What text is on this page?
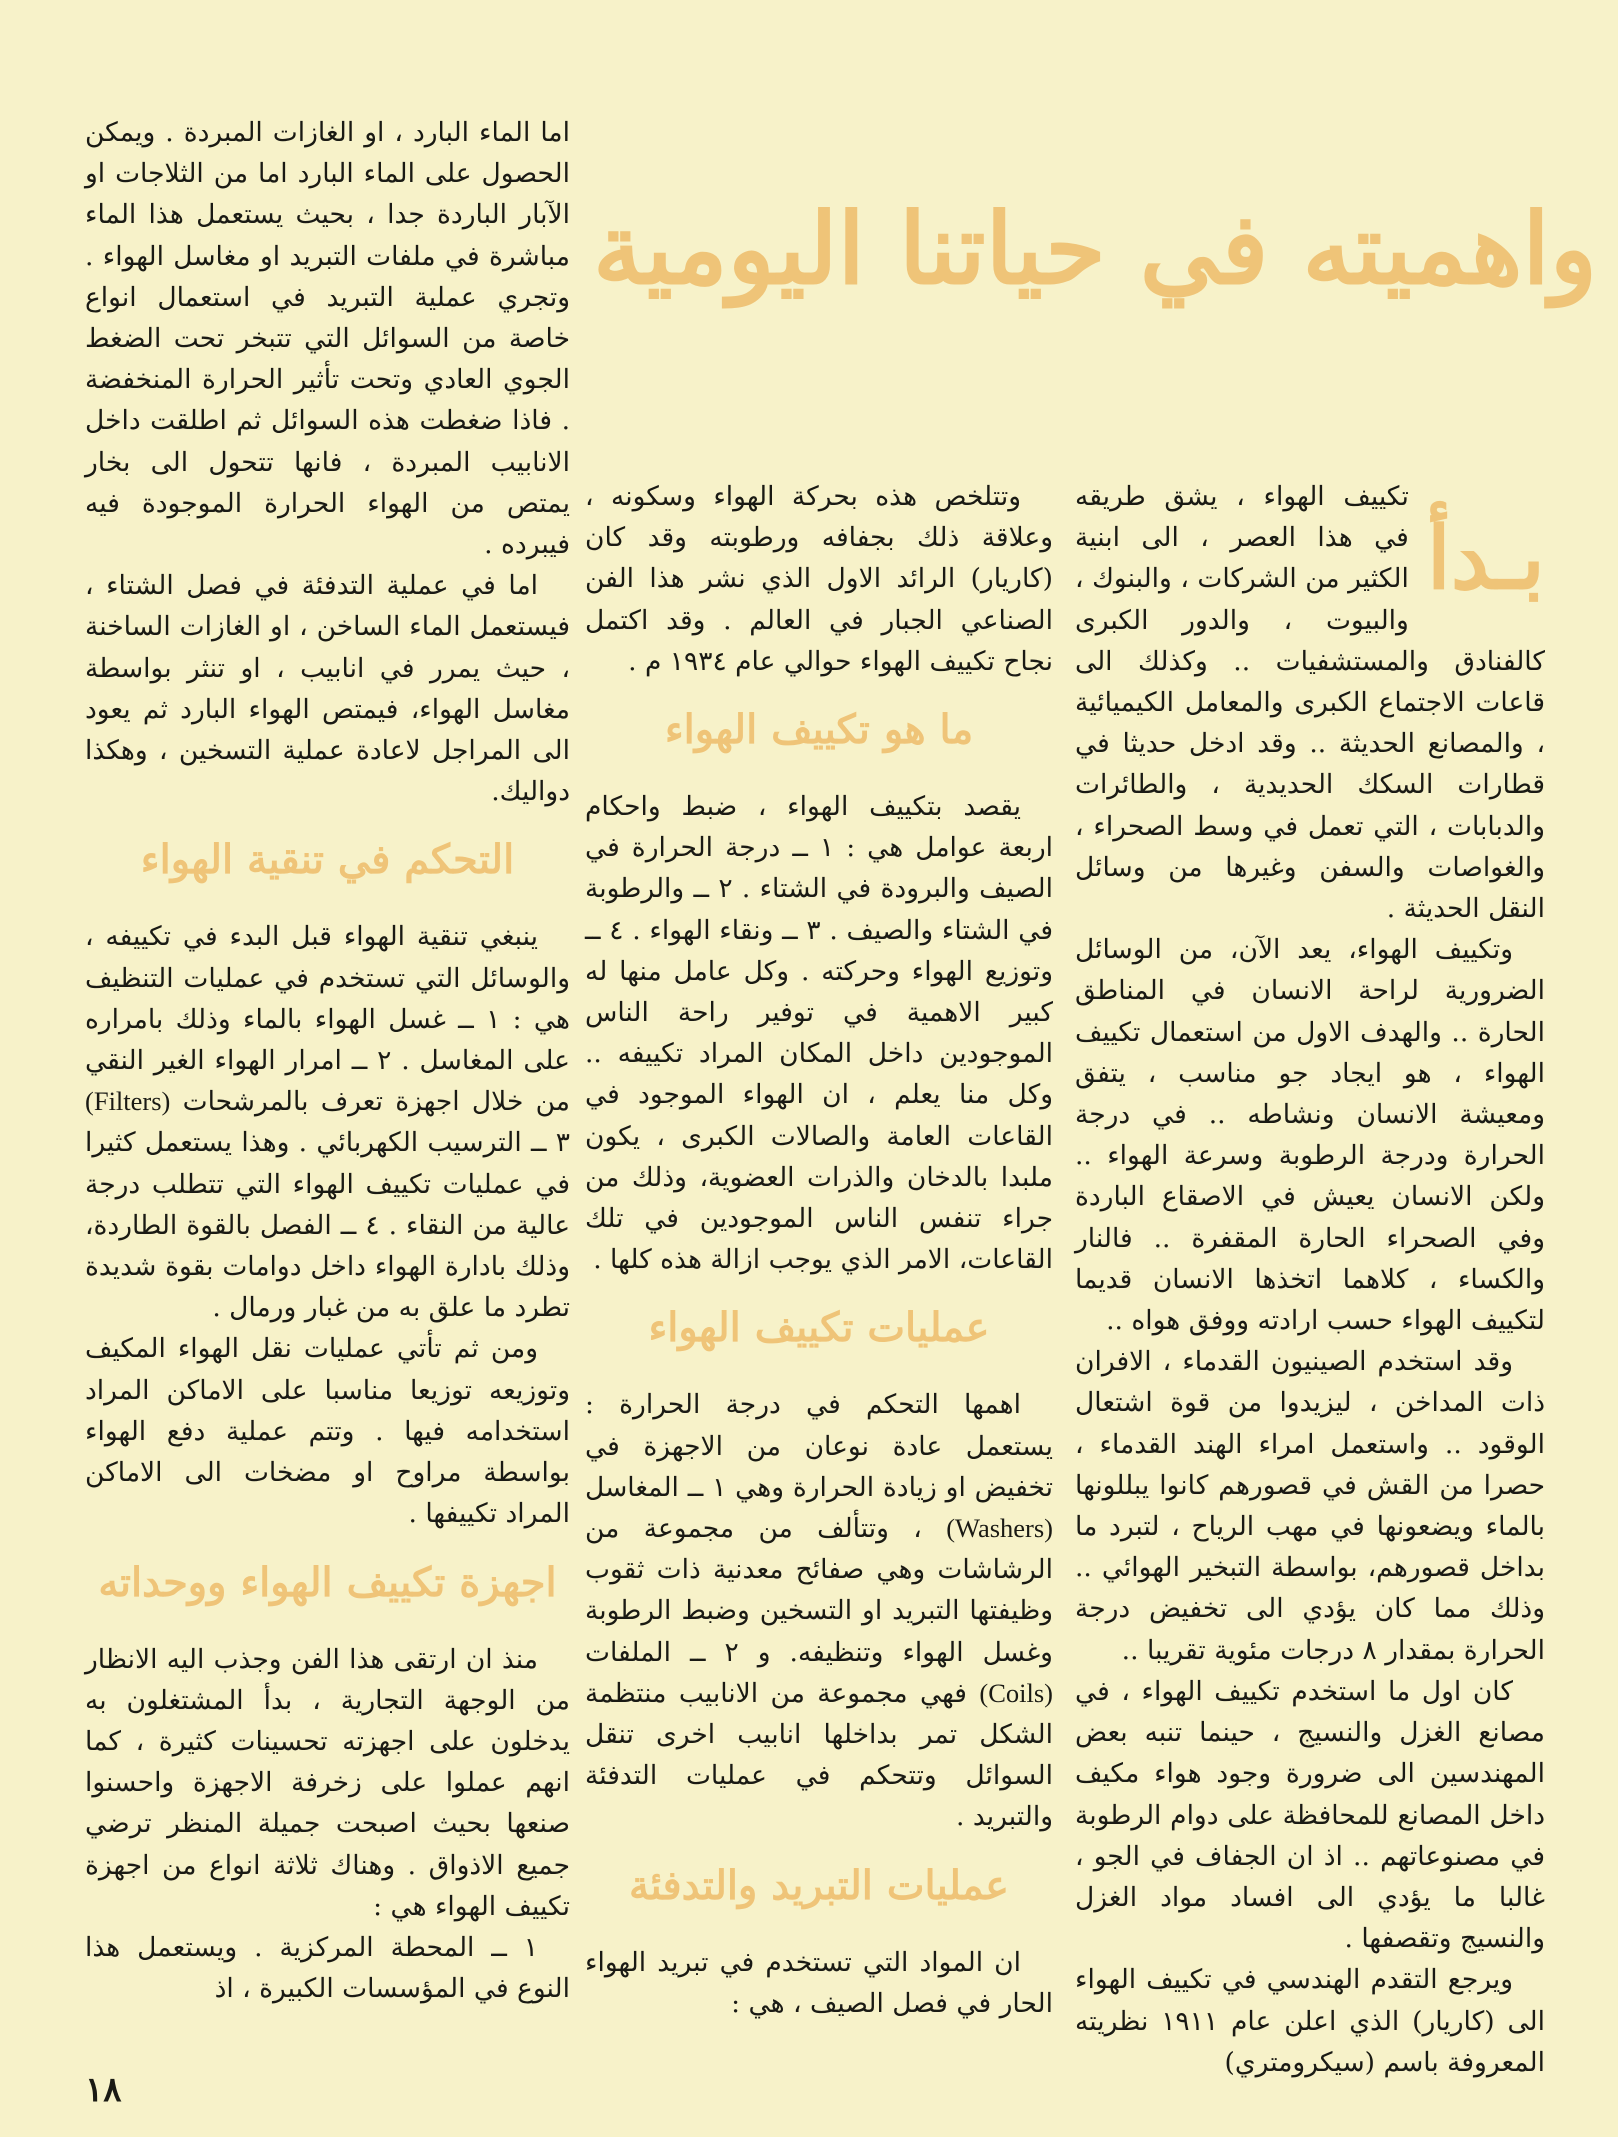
واهميته في حياتنا اليومية
بـدأ

تكييف الهواء ، يشق طريقه في هذا العصر ، الى ابنية الكثير من الشركات ، والبنوك ، والبيوت ، والدور الكبرى كالفنادق والمستشفيات .. وكذلك الى قاعات الاجتماع الكبرى والمعامل الكيميائية ، والمصانع الحديثة .. وقد ادخل حديثا في قطارات السكك الحديدية ، والطائرات والدبابات ، التي تعمل في وسط الصحراء ، والغواصات والسفن وغيرها من وسائل النقل الحديثة .

وتكييف الهواء، يعد الآن، من الوسائل الضرورية لراحة الانسان في المناطق الحارة .. والهدف الاول من استعمال تكييف الهواء ، هو ايجاد جو مناسب ، يتفق ومعيشة الانسان ونشاطه .. في درجة الحرارة ودرجة الرطوبة وسرعة الهواء .. ولكن الانسان يعيش في الاصقاع الباردة وفي الصحراء الحارة المقفرة .. فالنار والكساء ، كلاهما اتخذها الانسان قديما لتكييف الهواء حسب ارادته ووفق هواه ..

وقد استخدم الصينيون القدماء ، الافران ذات المداخن ، ليزيدوا من قوة اشتعال الوقود .. واستعمل امراء الهند القدماء ، حصرا من القش في قصورهم كانوا يبللونها بالماء ويضعونها في مهب الرياح ، لتبرد ما بداخل قصورهم، بواسطة التبخير الهوائي .. وذلك مما كان يؤدي الى تخفيض درجة الحرارة بمقدار ٨ درجات مئوية تقريبا ..

كان اول ما استخدم تكييف الهواء ، في مصانع الغزل والنسيج ، حينما تنبه بعض المهندسين الى ضرورة وجود هواء مكيف داخل المصانع للمحافظة على دوام الرطوبة في مصنوعاتهم .. اذ ان الجفاف في الجو ، غالبا ما يؤدي الى افساد مواد الغزل والنسيج وتقصفها .

ويرجع التقدم الهندسي في تكييف الهواء الى (كاريار) الذي اعلن عام ١٩١١ نظريته المعروفة باسم (سيكرومتري)

وتتلخص هذه بحركة الهواء وسكونه ، وعلاقة ذلك بجفافه ورطوبته وقد كان (كاريار) الرائد الاول الذي نشر هذا الفن الصناعي الجبار في العالم . وقد اكتمل نجاح تكييف الهواء حوالي عام ١٩٣٤ م .

ما هو تكييف الهواء

يقصد بتكييف الهواء ، ضبط واحكام اربعة عوامل هي : ١ ــ درجة الحرارة في الصيف والبرودة في الشتاء . ٢ ــ والرطوبة في الشتاء والصيف . ٣ ــ ونقاء الهواء . ٤ ــ وتوزيع الهواء وحركته . وكل عامل منها له كبير الاهمية في توفير راحة الناس الموجودين داخل المكان المراد تكييفه .. وكل منا يعلم ، ان الهواء الموجود في القاعات العامة والصالات الكبرى ، يكون ملبدا بالدخان والذرات العضوية، وذلك من جراء تنفس الناس الموجودين في تلك القاعات، الامر الذي يوجب ازالة هذه كلها .

عمليات تكييف الهواء

اهمها التحكم في درجة الحرارة : يستعمل عادة نوعان من الاجهزة في تخفيض او زيادة الحرارة وهي ١ ــ المغاسل (Washers) ، وتتألف من مجموعة من الرشاشات وهي صفائح معدنية ذات ثقوب وظيفتها التبريد او التسخين وضبط الرطوبة وغسل الهواء وتنظيفه. و ٢ ــ الملفات (Coils) فهي مجموعة من الانابيب منتظمة الشكل تمر بداخلها انابيب اخرى تنقل السوائل وتتحكم في عمليات التدفئة والتبريد .

عمليات التبريد والتدفئة

ان المواد التي تستخدم في تبريد الهواء الحار في فصل الصيف ، هي :

اما الماء البارد ، او الغازات المبردة . ويمكن الحصول على الماء البارد اما من الثلاجات او الآبار الباردة جدا ، بحيث يستعمل هذا الماء مباشرة في ملفات التبريد او مغاسل الهواء . وتجري عملية التبريد في استعمال انواع خاصة من السوائل التي تتبخر تحت الضغط الجوي العادي وتحت تأثير الحرارة المنخفضة . فاذا ضغطت هذه السوائل ثم اطلقت داخل الانابيب المبردة ، فانها تتحول الى بخار يمتص من الهواء الحرارة الموجودة فيه فيبرده .

اما في عملية التدفئة في فصل الشتاء ، فيستعمل الماء الساخن ، او الغازات الساخنة ، حيث يمرر في انابيب ، او تنثر بواسطة مغاسل الهواء، فيمتص الهواء البارد ثم يعود الى المراجل لاعادة عملية التسخين ، وهكذا دواليك.

التحكم في تنقية الهواء

ينبغي تنقية الهواء قبل البدء في تكييفه ، والوسائل التي تستخدم في عمليات التنظيف هي : ١ ــ غسل الهواء بالماء وذلك بامراره على المغاسل . ٢ ــ امرار الهواء الغير النقي من خلال اجهزة تعرف بالمرشحات (Filters) ٣ ــ الترسيب الكهربائي . وهذا يستعمل كثيرا في عمليات تكييف الهواء التي تتطلب درجة عالية من النقاء . ٤ ــ الفصل بالقوة الطاردة، وذلك بادارة الهواء داخل دوامات بقوة شديدة تطرد ما علق به من غبار ورمال .

ومن ثم تأتي عمليات نقل الهواء المكيف وتوزيعه توزيعا مناسبا على الاماكن المراد استخدامه فيها . وتتم عملية دفع الهواء بواسطة مراوح او مضخات الى الاماكن المراد تكييفها .

اجهزة تكييف الهواء ووحداته

منذ ان ارتقى هذا الفن وجذب اليه الانظار من الوجهة التجارية ، بدأ المشتغلون به يدخلون على اجهزته تحسينات كثيرة ، كما انهم عملوا على زخرفة الاجهزة واحسنوا صنعها بحيث اصبحت جميلة المنظر ترضي جميع الاذواق . وهناك ثلاثة انواع من اجهزة تكييف الهواء هي :

١ ــ المحطة المركزية . ويستعمل هذا النوع في المؤسسات الكبيرة ، اذ

١٨
